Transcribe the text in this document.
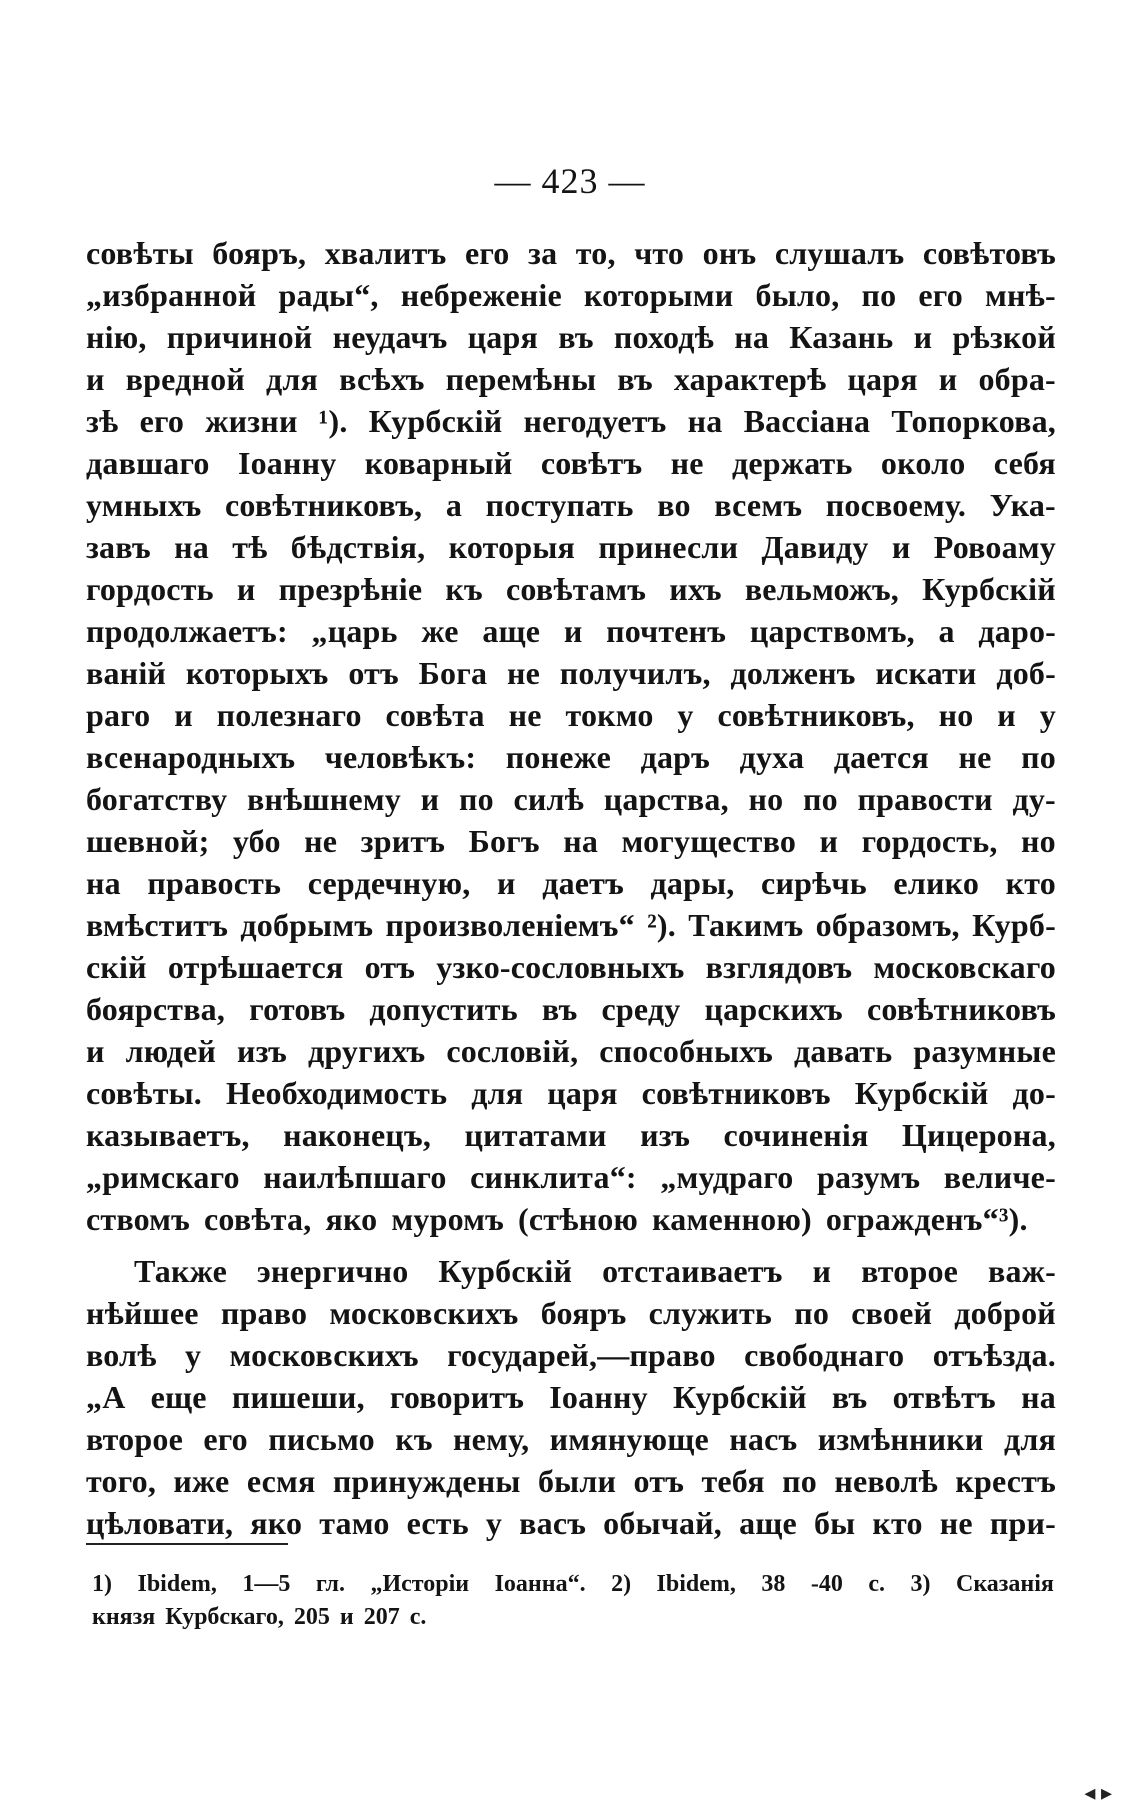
— 423 —
совѣты бояръ, хвалитъ его за то, что онъ слушалъ совѣтовъ
„избранной рады“, небреженіе которыми было, по его мнѣ-
нію, причиной неудачъ царя въ походѣ на Казань и рѣзкой
и вредной для всѣхъ перемѣны въ характерѣ царя и обра-
зѣ его жизни ¹). Курбскій негодуетъ на Вассіана Топоркова,
давшаго Іоанну коварный совѣтъ не держать около себя
умныхъ совѣтниковъ, а поступать во всемъ посвоему. Ука-
завъ на тѣ бѣдствія, которыя принесли Давиду и Ровоаму
гордость и презрѣніе къ совѣтамъ ихъ вельможъ, Курбскій
продолжаетъ: „царь же аще и почтенъ царствомъ, а даро-
ваній которыхъ отъ Бога не получилъ, долженъ искати доб-
раго и полезнаго совѣта не токмо у совѣтниковъ, но и у
всенародныхъ человѣкъ: понеже даръ духа дается не по
богатству внѣшнему и по силѣ царства, но по правости ду-
шевной; убо не зритъ Богъ на могущество и гордость, но
на правость сердечную, и даетъ дары, сирѣчь елико кто
вмѣститъ добрымъ произволеніемъ“ ²). Такимъ образомъ, Курб-
скій отрѣшается отъ узко-сословныхъ взглядовъ московскаго
боярства, готовъ допустить въ среду царскихъ совѣтниковъ
и людей изъ другихъ сословій, способныхъ давать разумные
совѣты. Необходимость для царя совѣтниковъ Курбскій до-
казываетъ, наконецъ, цитатами изъ сочиненія Цицерона,
„римскаго наилѣпшаго синклита“: „мудраго разумъ величе-
ствомъ совѣта, яко муромъ (стѣною каменною) огражденъ“³).
Также энергично Курбскій отстаиваетъ и второе важ-
нѣйшее право московскихъ бояръ служить по своей доброй
волѣ у московскихъ государей,—право свободнаго отъѣзда.
„А еще пишеши, говоритъ Іоанну Курбскій въ отвѣтъ на
второе его письмо къ нему, имянующе насъ измѣнники для
того, иже есмя принуждены были отъ тебя по неволѣ крестъ
цѣловати, яко тамо есть у васъ обычай, аще бы кто не при-
1) Ibidem, 1—5 гл. „Исторіи Іоанна“. 2) Ibidem, 38 -40 с. 3) Сказанія
князя Курбскаго, 205 и 207 с.
◂ ▸
